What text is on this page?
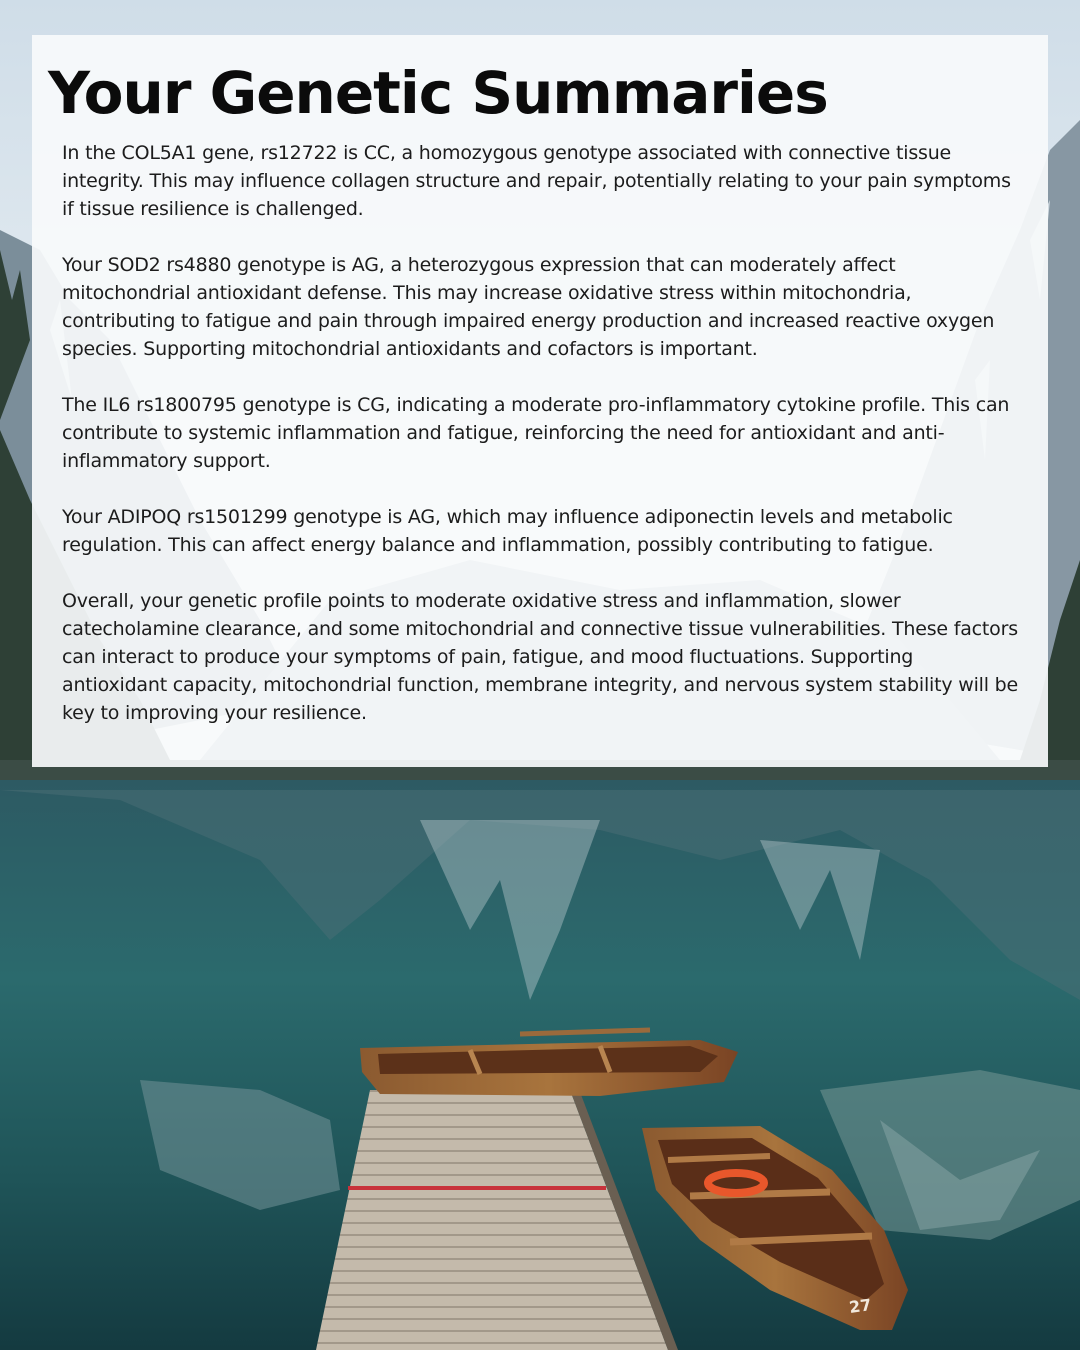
27
Your Genetic Summaries

In the COL5A1 gene, rs12722 is CC, a homozygous genotype associated with connective tissue integrity. This may influence collagen structure and repair, potentially relating to your pain symptoms if tissue resilience is challenged.

Your SOD2 rs4880 genotype is AG, a heterozygous expression that can moderately affect mitochondrial antioxidant defense. This may increase oxidative stress within mitochondria, contributing to fatigue and pain through impaired energy production and increased reactive oxygen species. Supporting mitochondrial antioxidants and cofactors is important.

The IL6 rs1800795 genotype is CG, indicating a moderate pro-inflammatory cytokine profile. This can contribute to systemic inflammation and fatigue, reinforcing the need for antioxidant and anti-inflammatory support.

Your ADIPOQ rs1501299 genotype is AG, which may influence adiponectin levels and metabolic regulation. This can affect energy balance and inflammation, possibly contributing to fatigue.

Overall, your genetic profile points to moderate oxidative stress and inflammation, slower catecholamine clearance, and some mitochondrial and connective tissue vulnerabilities. These factors can interact to produce your symptoms of pain, fatigue, and mood fluctuations. Supporting antioxidant capacity, mitochondrial function, membrane integrity, and nervous system stability will be key to improving your resilience.
